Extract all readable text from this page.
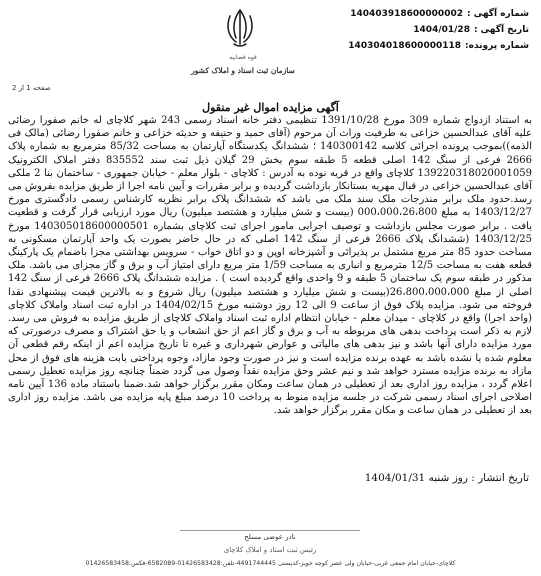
قوه قضاییه
سازمان ثبت اسناد و املاک کشور
شماره آگهی :
140403918600000002
تاریخ آگهی :
1404/01/28
شماره پرونده:
140304018600000118
صفحه 1 از 2
آگهی مزایده اموال غیر منقول
به استناد ازدواج شماره 309 مورخ 1391/10/28 تنظیمی دفتر خانه اسناد رسمی 243 شهر کلاچای له خانم صفورا رضائی علیه آقای عبدالحسین خزاعی به طرفیت وراث آن مرحوم (آقای حمید و حنیفه و حدیثه خزاعی و خانم صفورا رضائی (مالک فی الذمه))بموجب پرونده اجرائی کلاسه 140300142 ؛ ششدانگ یکدستگاه آپارتمان به مساحت 85/32 مترمربع به شماره پلاک 2666 فرعی از سنگ 142 اصلی قطعه 5 طبقه سوم بخش 29 گیلان ذیل ثبت سند 835552 دفتر املاک الکترونیک 139220318020001059 کلاچای واقع در قریه نوده به آدرس : کلاچای - بلوار معلم - خیابان جمهوری - ساختمان بنا 2 ملکی آقای عبدالحسین خزاعی در قبال مهریه بستانکار بازداشت گردیده و برابر مقررات و آیین نامه اجرا از طریق مزایده بفروش می رسد.حدود ملک برابر مندرجات ملک سند ملک می باشد که ششدانگ پلاک برابر نظریه کارشناس رسمی دادگستری مورخ 1403/12/27 به مبلغ 000،000،26،800 (بیست و شش میلیارد و هشتصد میلیون) ریال مورد ارزیابی قرار گرفت و قطعیت یافت . برابر صورت مجلس بازداشت و توصیف اجرایی مامور اجرای ثبت کلاچای بشماره 140305018600000501 مورخ 1403/12/25 (ششدانگ پلاک 2666 فرعی از سنگ 142 اصلی که در حال حاضر بصورت یک واحد آپارتمان مسکونی به مساحت حدود 85 متر مربع مشتمل بر پذیرائی و آشپزخانه اوپن و دو اتاق خواب - سرویس بهداشتی مجزا باضمام یک پارکینگ قطعه هفت به مساحت 12/5 مترمربع و انباری به مساحت 1/59 متر مربع دارای امتیاز آب و برق و گاز مجزای می باشد. ملک مذکور در طبقه سوم یک ساختمان 5 طبقه و 9 واحدی واقع گردیده است ) . مزایده ششدانگ پلاک 2666 فرعی از سنگ 142 اصلی از مبلغ 26،800،000،000(بیست و شش میلیارد و هشتصد میلیون) ریال شروع و به بالاترین قیمت پیشنهادی نقدا فروخته می شود. مزایده پلاک فوق از ساعت 9 الی 12 روز دوشنبه مورخ 1404/02/15 در اداره ثبت اسناد واملاک کلاچای (واحد اجرا) واقع در کلاچای - میدان معلم - خیابان انتظام اداره ثبت اسناد واملاک کلاچای از طریق مزایده به فروش می رسد. لازم به ذکر است پرداخت بدهی های مربوطه به آب و برق و گاز اعم از حق انشعاب و یا حق اشتراک و مصرف درصورتی که مورد مزایده دارای آنها باشد و نیز بدهی های مالیاتی و عوارض شهرداری و غیره تا تاریخ مزایده اعم از اینکه رقم قطعی آن معلوم شده یا نشده باشد به عهده برنده مزایده است و نیز در صورت وجود مازاد، وجوه پرداختی بابت هزینه های فوق از محل مازاد به برنده مزایده مسترد خواهد شد و نیم عشر وحق مزایده نقداً وصول می گردد ضمناً چنانچه روز مزایده تعطیل رسمی اعلام گردد ، مزایده روز اداری بعد از تعطیلی در همان ساعت ومکان مقرر برگزار خواهد شد.ضمنا باستناد ماده 136 آیین نامه اصلاحی اجرای اسناد رسمی شرکت در جلسه مزایده منوط به پرداخت 10 درصد مبلغ پایه مزایده می باشد. مزایده روز اداری بعد از تعطیلی در همان ساعت و مکان مقرر برگزار خواهد شد.
تاریخ انتشار : روز شنبه 1404/01/31
نادر عوضی مسلح
رئیس ثبت اسناد و املاک کلاچای
کلاچای-خیابان امام جمعی غربی-خیابان ولی عصر کوچه جویز-کدپستی 4491744445-تلفن:01426583428-6582089-فکس:01426583458
